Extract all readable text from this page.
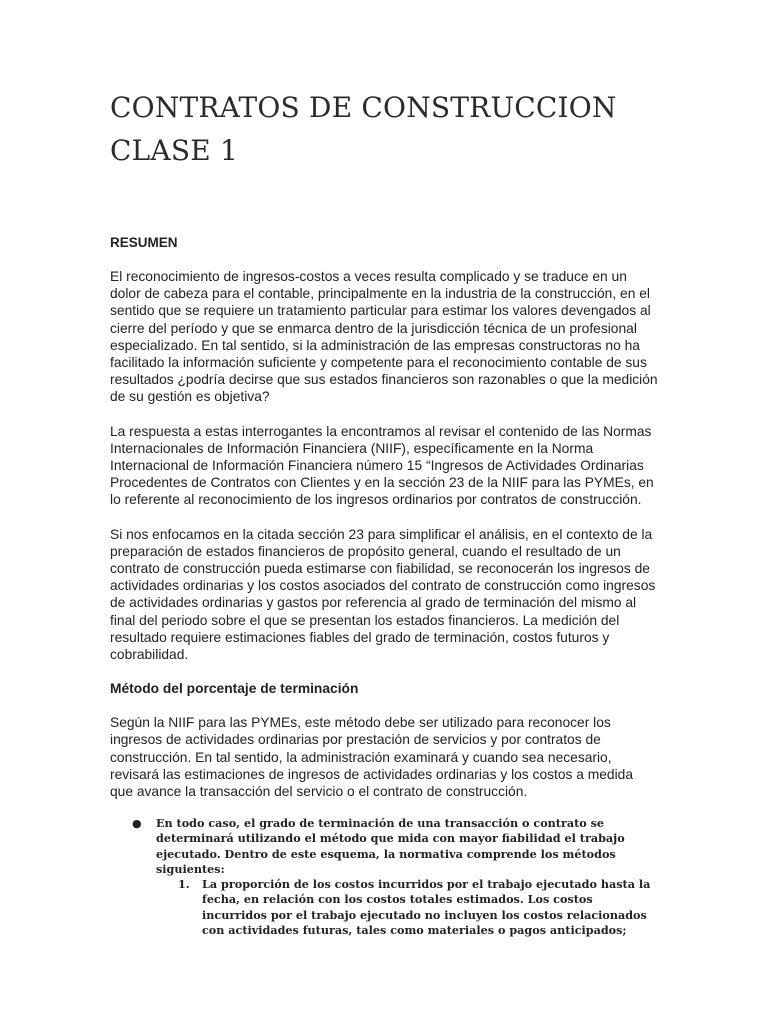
CONTRATOS DE CONSTRUCCION
CLASE 1
RESUMEN

El reconocimiento de ingresos-costos a veces resulta complicado y se traduce en un dolor de cabeza para el contable, principalmente en la industria de la construcción, en el sentido que se requiere un tratamiento particular para estimar los valores devengados al cierre del período y que se enmarca dentro de la jurisdicción técnica de un profesional especializado. En tal sentido, si la administración de las empresas constructoras no ha facilitado la información suficiente y competente para el reconocimiento contable de sus resultados ¿podría decirse que sus estados financieros son razonables o que la medición de su gestión es objetiva?

La respuesta a estas interrogantes la encontramos al revisar el contenido de las Normas Internacionales de Información Financiera (NIIF), específicamente en la Norma Internacional de Información Financiera número 15 “Ingresos de Actividades Ordinarias Procedentes de Contratos con Clientes y en la sección 23 de la NIIF para las PYMEs, en lo referente al reconocimiento de los ingresos ordinarios por contratos de construcción.

Si nos enfocamos en la citada sección 23 para simplificar el análisis, en el contexto de la preparación de estados financieros de propósito general, cuando el resultado de un contrato de construcción pueda estimarse con fiabilidad, se reconocerán los ingresos de actividades ordinarias y los costos asociados del contrato de construcción como ingresos de actividades ordinarias y gastos por referencia al grado de terminación del mismo al final del periodo sobre el que se presentan los estados financieros. La medición del resultado requiere estimaciones fiables del grado de terminación, costos futuros y cobrabilidad.

Método del porcentaje de terminación

Según la NIIF para las PYMEs, este método debe ser utilizado para reconocer los ingresos de actividades ordinarias por prestación de servicios y por contratos de construcción. En tal sentido, la administración examinará y cuando sea necesario, revisará las estimaciones de ingresos de actividades ordinarias y los costos a medida que avance la transacción del servicio o el contrato de construcción.

● En todo caso, el grado de terminación de una transacción o contrato se determinará utilizando el método que mida con mayor fiabilidad el trabajo ejecutado. Dentro de este esquema, la normativa comprende los métodos siguientes:
1. La proporción de los costos incurridos por el trabajo ejecutado hasta la fecha, en relación con los costos totales estimados. Los costos incurridos por el trabajo ejecutado no incluyen los costos relacionados con actividades futuras, tales como materiales o pagos anticipados;
